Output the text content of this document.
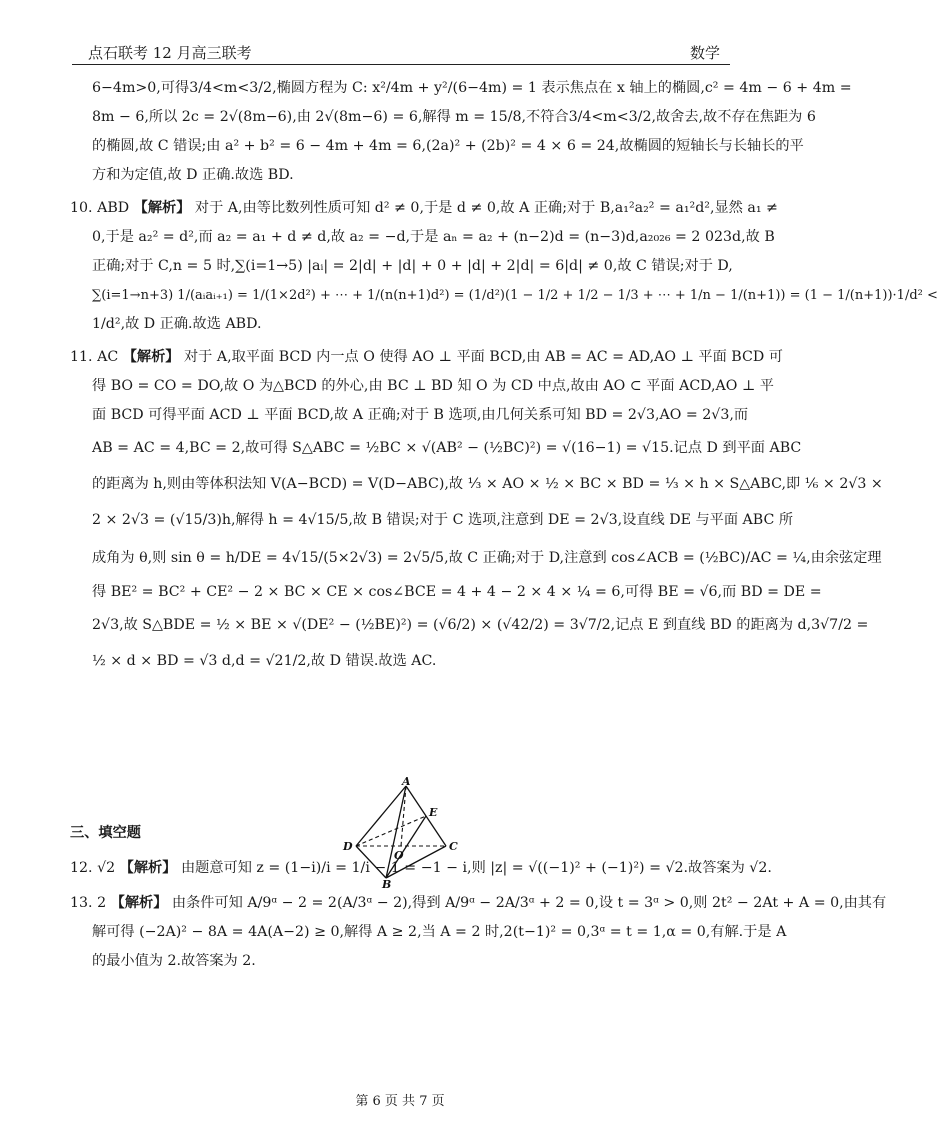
点石联考 12 月高三联考	数学
6−4m>0,可得3/4<m<3/2,椭圆方程为 C: x²/4m + y²/(6−4m) = 1 表示焦点在 x 轴上的椭圆,c² = 4m − 6 + 4m =
8m − 6,所以 2c = 2√(8m−6),由 2√(8m−6) = 6,解得 m = 15/8,不符合3/4<m<3/2,故舍去,故不存在焦距为 6
的椭圆,故 C 错误;由 a² + b² = 6 − 4m + 4m = 6,(2a)² + (2b)² = 4 × 6 = 24,故椭圆的短轴长与长轴长的平
方和为定值,故 D 正确.故选 BD.
10. ABD 【解析】 对于 A,由等比数列性质可知 d² ≠ 0,于是 d ≠ 0,故 A 正确;对于 B,a₁²a₂² = a₁²d²,显然 a₁ ≠
0,于是 a₂² = d²,而 a₂ = a₁ + d ≠ d,故 a₂ = −d,于是 aₙ = a₂ + (n−2)d = (n−3)d,a₂₀₂₆ = 2 023d,故 B
正确;对于 C,n = 5 时,∑(i=1→5) |aᵢ| = 2|d| + |d| + 0 + |d| + 2|d| = 6|d| ≠ 0,故 C 错误;对于 D,
∑(i=1→n+3) 1/(aᵢaᵢ₊₁) = 1/(1×2d²) + ⋯ + 1/(n(n+1)d²) = (1/d²)(1 − 1/2 + 1/2 − 1/3 + ⋯ + 1/n − 1/(n+1)) = (1 − 1/(n+1))·1/d² <
1/d²,故 D 正确.故选 ABD.
11. AC 【解析】 对于 A,取平面 BCD 内一点 O 使得 AO ⊥ 平面 BCD,由 AB = AC = AD,AO ⊥ 平面 BCD 可
得 BO = CO = DO,故 O 为△BCD 的外心,由 BC ⊥ BD 知 O 为 CD 中点,故由 AO ⊂ 平面 ACD,AO ⊥ 平
面 BCD 可得平面 ACD ⊥ 平面 BCD,故 A 正确;对于 B 选项,由几何关系可知 BD = 2√3,AO = 2√3,而
AB = AC = 4,BC = 2,故可得 S△ABC = ½BC × √(AB² − (½BC)²) = √(16−1) = √15.记点 D 到平面 ABC
的距离为 h,则由等体积法知 V(A−BCD) = V(D−ABC),故 ⅓ × AO × ½ × BC × BD = ⅓ × h × S△ABC,即 ⅙ × 2√3 ×
2 × 2√3 = (√15/3)h,解得 h = 4√15/5,故 B 错误;对于 C 选项,注意到 DE = 2√3,设直线 DE 与平面 ABC 所
成角为 θ,则 sin θ = h/DE = 4√15/(5×2√3) = 2√5/5,故 C 正确;对于 D,注意到 cos∠ACB = (½BC)/AC = ¼,由余弦定理
得 BE² = BC² + CE² − 2 × BC × CE × cos∠BCE = 4 + 4 − 2 × 4 × ¼ = 6,可得 BE = √6,而 BD = DE =
2√3,故 S△BDE = ½ × BE × √(DE² − (½BE)²) = (√6/2) × (√42/2) = 3√7/2,记点 E 到直线 BD 的距离为 d,3√7/2 =
½ × d × BD = √3 d,d = √21/2,故 D 错误.故选 AC.
三、填空题
12. √2 【解析】 由题意可知 z = (1−i)/i = 1/i − 1 = −1 − i,则 |z| = √((−1)² + (−1)²) = √2.故答案为 √2.
13. 2 【解析】 由条件可知 A/9ᵅ − 2 = 2(A/3ᵅ − 2),得到 A/9ᵅ − 2A/3ᵅ + 2 = 0,设 t = 3ᵅ > 0,则 2t² − 2At + A = 0,由其有
解可得 (−2A)² − 8A = 4A(A−2) ≥ 0,解得 A ≥ 2,当 A = 2 时,2(t−1)² = 0,3ᵅ = t = 1,α = 0,有解.于是 A
的最小值为 2.故答案为 2.
A
E
D
O
C
B
第 6 页 共 7 页
